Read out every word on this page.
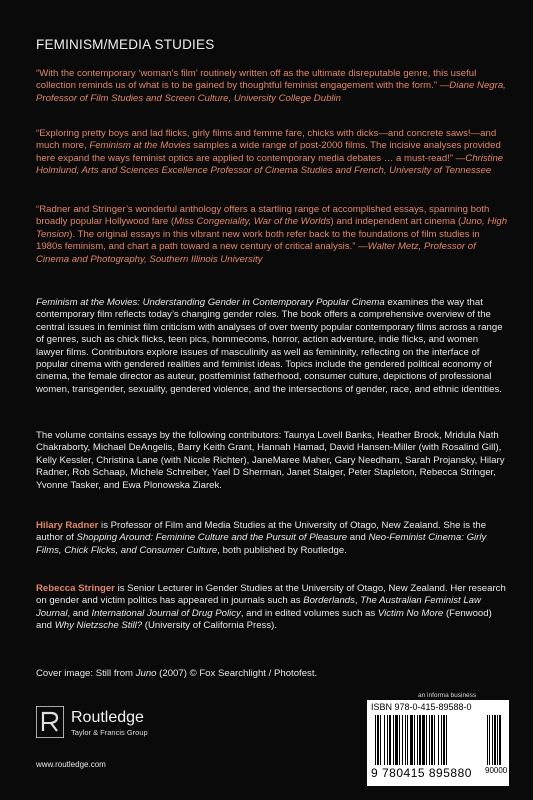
FEMINISM/MEDIA STUDIES
“With the contemporary ‘woman’s film’ routinely written off as the ultimate disreputable genre, this useful collection reminds us of what is to be gained by thoughtful feminist engagement with the form.” —Diane Negra, Professor of Film Studies and Screen Culture, University College Dublin
“Exploring pretty boys and lad flicks, girly films and femme fare, chicks with dicks—and concrete saws!—and much more, Feminism at the Movies samples a wide range of post-2000 films. The incisive analyses provided here expand the ways feminist optics are applied to contemporary media debates … a must-read!” —Christine Holmlund, Arts and Sciences Excellence Professor of Cinema Studies and French, University of Tennessee
“Radner and Stringer’s wonderful anthology offers a startling range of accomplished essays, spanning both broadly popular Hollywood fare (Miss Congeniality, War of the Worlds) and independent art cinema (Juno, High Tension). The original essays in this vibrant new work both refer back to the foundations of film studies in 1980s feminism, and chart a path toward a new century of critical analysis.” —Walter Metz, Professor of Cinema and Photography, Southern Illinois University
Feminism at the Movies: Understanding Gender in Contemporary Popular Cinema examines the way that contemporary film reflects today’s changing gender roles. The book offers a comprehensive overview of the central issues in feminist film criticism with analyses of over twenty popular contemporary films across a range of genres, such as chick flicks, teen pics, hommecoms, horror, action adventure, indie flicks, and women lawyer films. Contributors explore issues of masculinity as well as femininity, reflecting on the interface of popular cinema with gendered realities and feminist ideas. Topics include the gendered political economy of cinema, the female director as auteur, postfeminist fatherhood, consumer culture, depictions of professional women, transgender, sexuality, gendered violence, and the intersections of gender, race, and ethnic identities.
The volume contains essays by the following contributors: Taunya Lovell Banks, Heather Brook, Mridula Nath Chakraborty, Michael DeAngelis, Barry Keith Grant, Hannah Hamad, David Hansen-Miller (with Rosalind Gill), Kelly Kessler, Christina Lane (with Nicole Richter), JaneMaree Maher, Gary Needham, Sarah Projansky, Hilary Radner, Rob Schaap, Michele Schreiber, Yael D Sherman, Janet Staiger, Peter Stapleton, Rebecca Stringer, Yvonne Tasker, and Ewa Plonowska Ziarek.
Hilary Radner is Professor of Film and Media Studies at the University of Otago, New Zealand. She is the author of Shopping Around: Feminine Culture and the Pursuit of Pleasure and Neo-Feminist Cinema: Girly Films, Chick Flicks, and Consumer Culture, both published by Routledge.
Rebecca Stringer is Senior Lecturer in Gender Studies at the University of Otago, New Zealand. Her research on gender and victim politics has appeared in journals such as Borderlands, The Australian Feminist Law Journal, and International Journal of Drug Policy, and in edited volumes such as Victim No More (Fenwood) and Why Nietzsche Still? (University of California Press).
Cover image: Still from Juno (2007) © Fox Searchlight / Photofest.
Routledge
Taylor & Francis Group
www.routledge.com
an informa business
ISBN 978-0-415-89588-0
9 780415 895880 90000
